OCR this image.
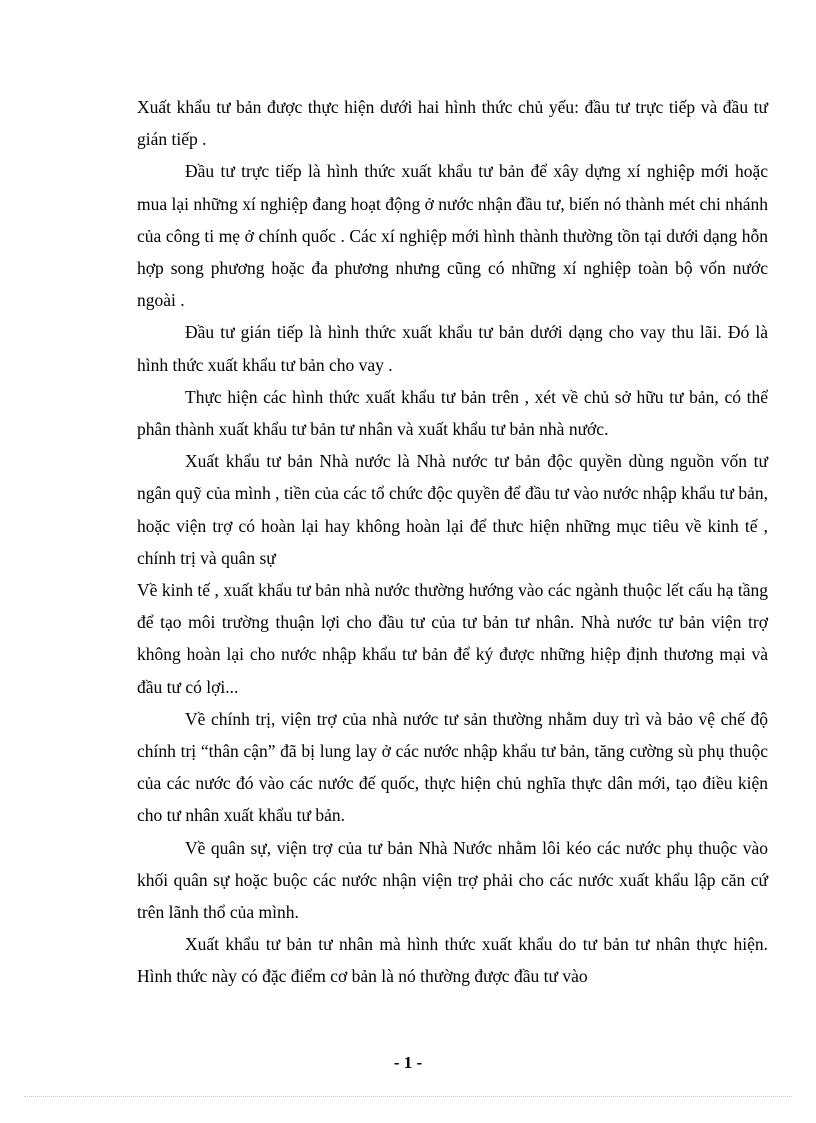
Xuất khẩu tư bản được thực hiện dưới hai hình thức chủ yếu: đầu tư trực tiếp và đầu tư gián tiếp .

Đầu tư trực tiếp là hình thức xuất khẩu tư bản để xây dựng xí nghiệp mới hoặc mua lại những xí nghiệp đang hoạt động ở nước nhận đầu tư, biến nó thành mét chi nhánh của công ti mẹ ở chính quốc . Các xí nghiệp mới hình thành thường tồn tại dưới dạng hỗn hợp song phương hoặc đa phương nhưng cũng có những xí nghiệp toàn bộ vốn nước ngoài .

Đầu tư gián tiếp là hình thức xuất khẩu tư bản dưới dạng cho vay thu lãi. Đó là hình thức xuất khẩu tư bản cho vay .

Thực hiện các hình thức xuất khẩu tư bản trên , xét về chủ sở hữu tư bản, có thể phân thành xuất khẩu tư bản tư nhân và xuất khẩu tư bản nhà nước.

Xuất khẩu tư bản Nhà nước là Nhà nước tư bản độc quyền dùng nguồn vốn tư ngân quỹ của mình , tiền của các tổ chức độc quyền để đầu tư vào nước nhập khẩu tư bản, hoặc viện trợ có hoàn lại hay không hoàn lại để thưc hiện những mục tiêu về kinh tế , chính trị và quân sự

Về kinh tế , xuất khẩu tư bản nhà nước thường hướng vào các ngành thuộc lết cấu hạ tầng để tạo môi trường thuận lợi cho đầu tư của tư bản tư nhân. Nhà nước tư bản viện trợ không hoàn lại cho nước nhập khẩu tư bản để ký được những hiệp định thương mại và đầu tư có lợi...

Về chính trị, viện trợ của nhà nước tư sản thường nhằm duy trì và bảo vệ chế độ chính trị “thân cận” đã bị lung lay ở các nước nhập khẩu tư bản, tăng cường sù phụ thuộc của các nước đó vào các nước đế quốc, thực hiện chủ nghĩa thực dân mới, tạo điều kiện cho tư nhân xuất khẩu tư bản.

Về quân sự, viện trợ của tư bản Nhà Nước nhằm lôi kéo các nước phụ thuộc vào khối quân sự hoặc buộc các nước nhận viện trợ phải cho các nước xuất khẩu lập căn cứ trên lãnh thổ của mình.

Xuất khẩu tư bản tư nhân mà hình thức xuất khẩu do tư bản tư nhân thực hiện. Hình thức này có đặc điểm cơ bản là nó thường được đầu tư vào

- 1 -
